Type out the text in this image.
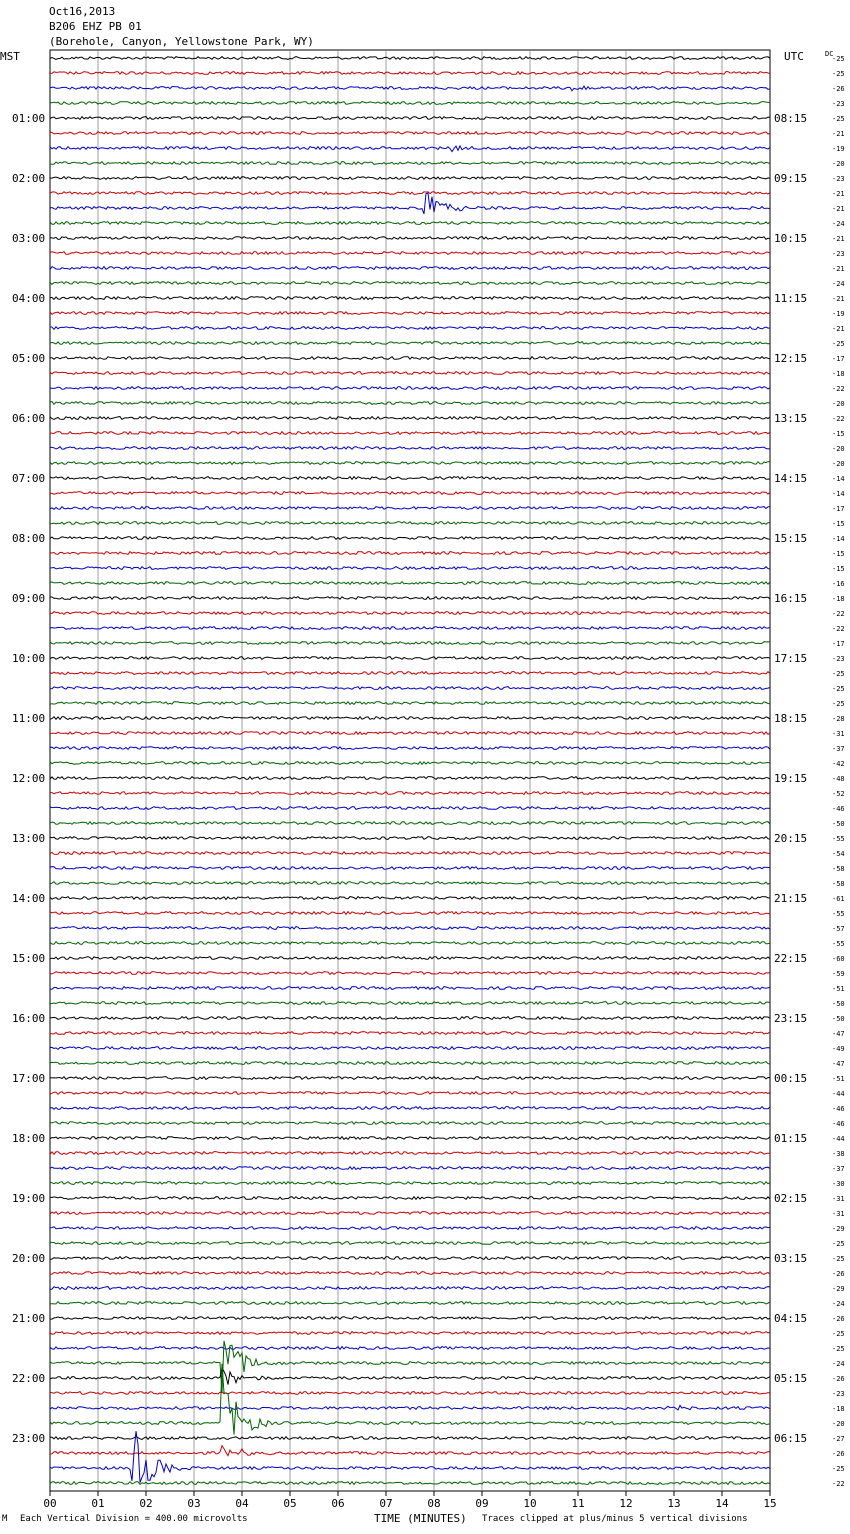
Oct16,2013
B206 EHZ PB 01
(Borehole, Canyon, Yellowstone Park, WY)
01:00
02:00
03:00
04:00
05:00
06:00
07:00
08:00
09:00
10:00
11:00
12:00
13:00
14:00
15:00
16:00
17:00
18:00
19:00
20:00
21:00
22:00
23:00
08:15
09:15
10:15
11:15
12:15
13:15
14:15
15:15
16:15
17:15
18:15
19:15
20:15
21:15
22:15
23:15
00:15
01:15
02:15
03:15
04:15
05:15
06:15
-25
-25
-26
-23
-25
-21
-19
-20
-23
-21
-21
-24
-21
-23
-21
-24
-21
-19
-21
-25
-17
-18
-22
-20
-22
-15
-20
-20
-14
-14
-17
-15
-14
-15
-15
-16
-18
-22
-22
-17
-23
-25
-25
-25
-28
-31
-37
-42
-48
-52
-46
-50
-55
-54
-58
-58
-61
-55
-57
-55
-60
-59
-51
-50
-50
-47
-49
-47
-51
-44
-46
-46
-44
-38
-37
-30
-31
-31
-29
-25
-25
-26
-29
-24
-26
-25
-25
-24
-26
-23
-18
-20
-27
-26
-25
-22
00	01	02	03	04	05	06	07	08	09	10	11	12	13	14	15
MST	UTC	DC
TIME (MINUTES)
M Each Vertical Division = 400.00 microvolts	Traces clipped at plus/minus 5 vertical divisions
